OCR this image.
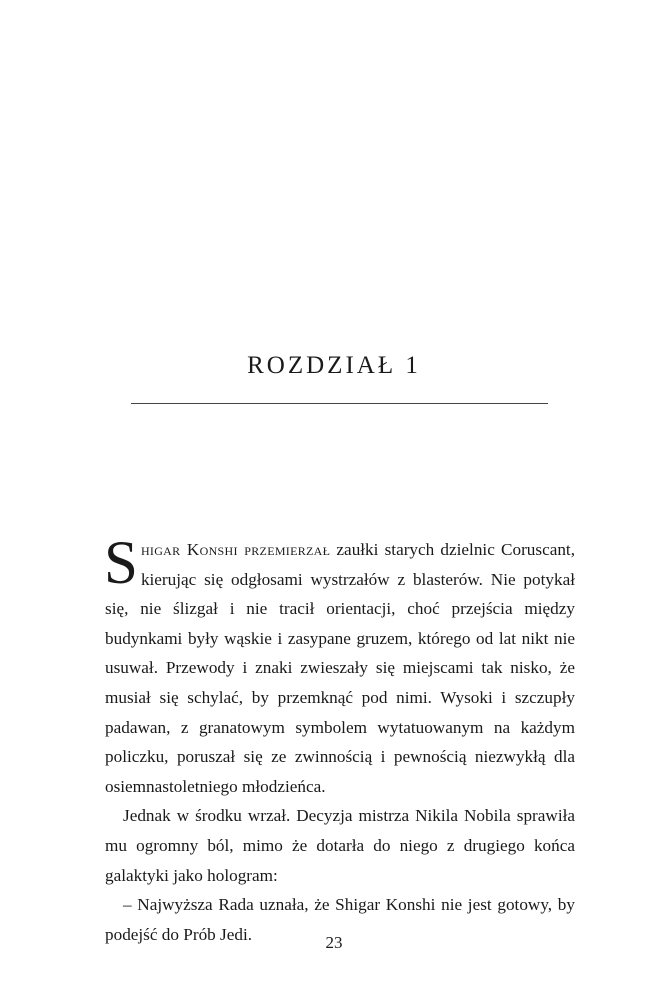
ROZDZIAŁ 1

Shigar Konshi przemierzał zaułki starych dzielnic Coruscant, kierując się odgłosami wystrzałów z blasterów. Nie potykał się, nie ślizgał i nie tracił orientacji, choć przejścia między budynkami były wąskie i zasypane gruzem, którego od lat nikt nie usuwał. Przewody i znaki zwieszały się miejscami tak nisko, że musiał się schylać, by przemknąć pod nimi. Wysoki i szczupły padawan, z granatowym symbolem wytatuowanym na każdym policzku, poruszał się ze zwinnością i pewnością niezwykłą dla osiemnastoletniego młodzieńca.

Jednak w środku wrzał. Decyzja mistrza Nikila Nobila sprawiła mu ogromny ból, mimo że dotarła do niego z drugiego końca galaktyki jako hologram:

– Najwyższa Rada uznała, że Shigar Konshi nie jest gotowy, by podejść do Prób Jedi.	23
